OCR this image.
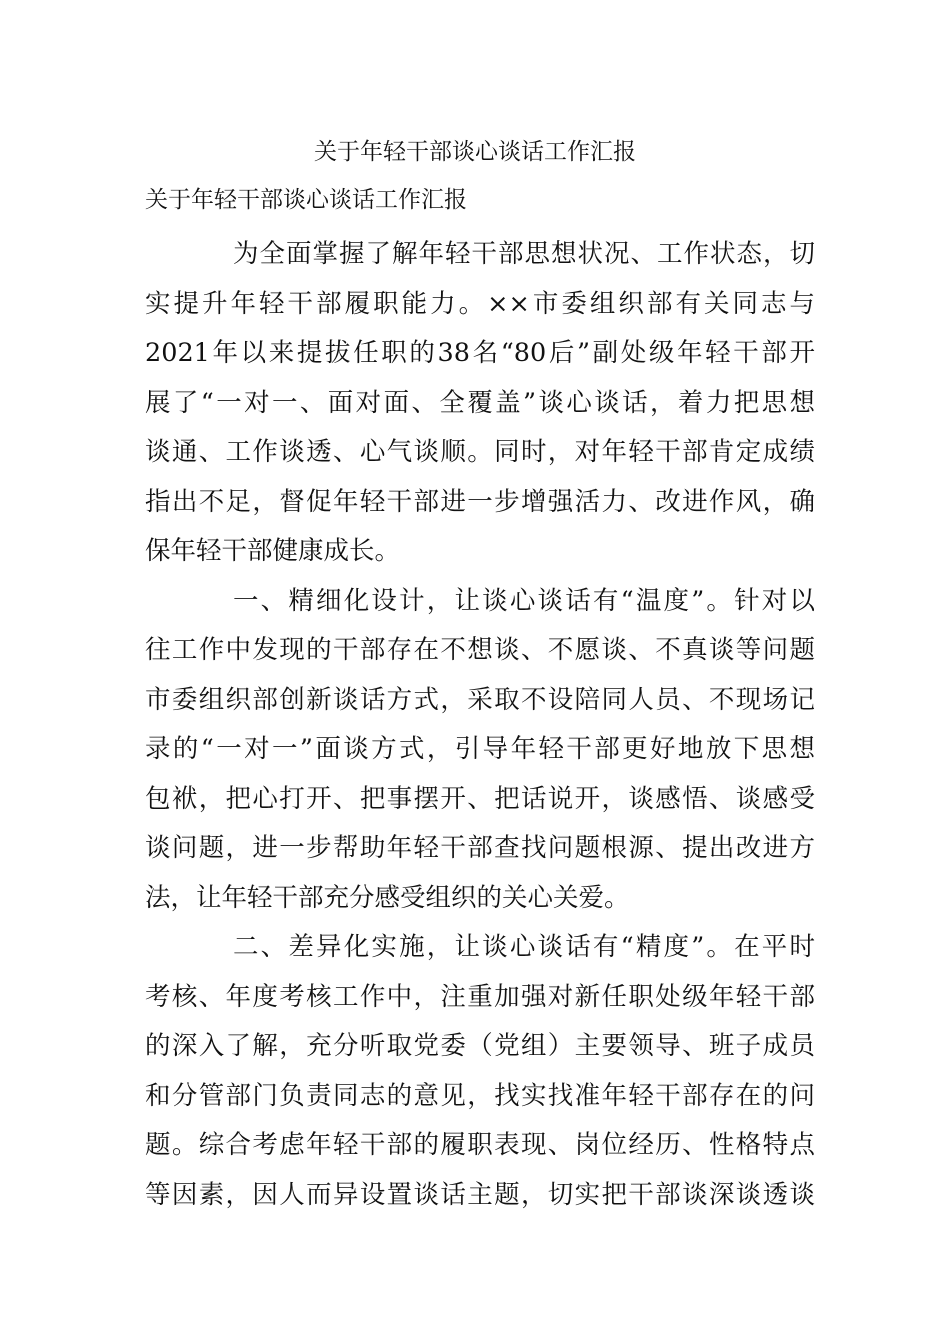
关于年轻干部谈心谈话工作汇报
关于年轻干部谈心谈话工作汇报
为全面掌握了解年轻干部思想状况、工作状态，切
实提升年轻干部履职能力。××市委组织部有关同志与
2021年以来提拔任职的38名“80后”副处级年轻干部开
展了“一对一、面对面、全覆盖”谈心谈话，着力把思想
谈通、工作谈透、心气谈顺。同时，对年轻干部肯定成绩
指出不足，督促年轻干部进一步增强活力、改进作风，确
保年轻干部健康成长。
一、精细化设计，让谈心谈话有“温度”。针对以
往工作中发现的干部存在不想谈、不愿谈、不真谈等问题
市委组织部创新谈话方式，采取不设陪同人员、不现场记
录的“一对一”面谈方式，引导年轻干部更好地放下思想
包袱，把心打开、把事摆开、把话说开，谈感悟、谈感受
谈问题，进一步帮助年轻干部查找问题根源、提出改进方
法，让年轻干部充分感受组织的关心关爱。
二、差异化实施，让谈心谈话有“精度”。在平时
考核、年度考核工作中，注重加强对新任职处级年轻干部
的深入了解，充分听取党委（党组）主要领导、班子成员
和分管部门负责同志的意见，找实找准年轻干部存在的问
题。综合考虑年轻干部的履职表现、岗位经历、性格特点
等因素，因人而异设置谈话主题，切实把干部谈深谈透谈
